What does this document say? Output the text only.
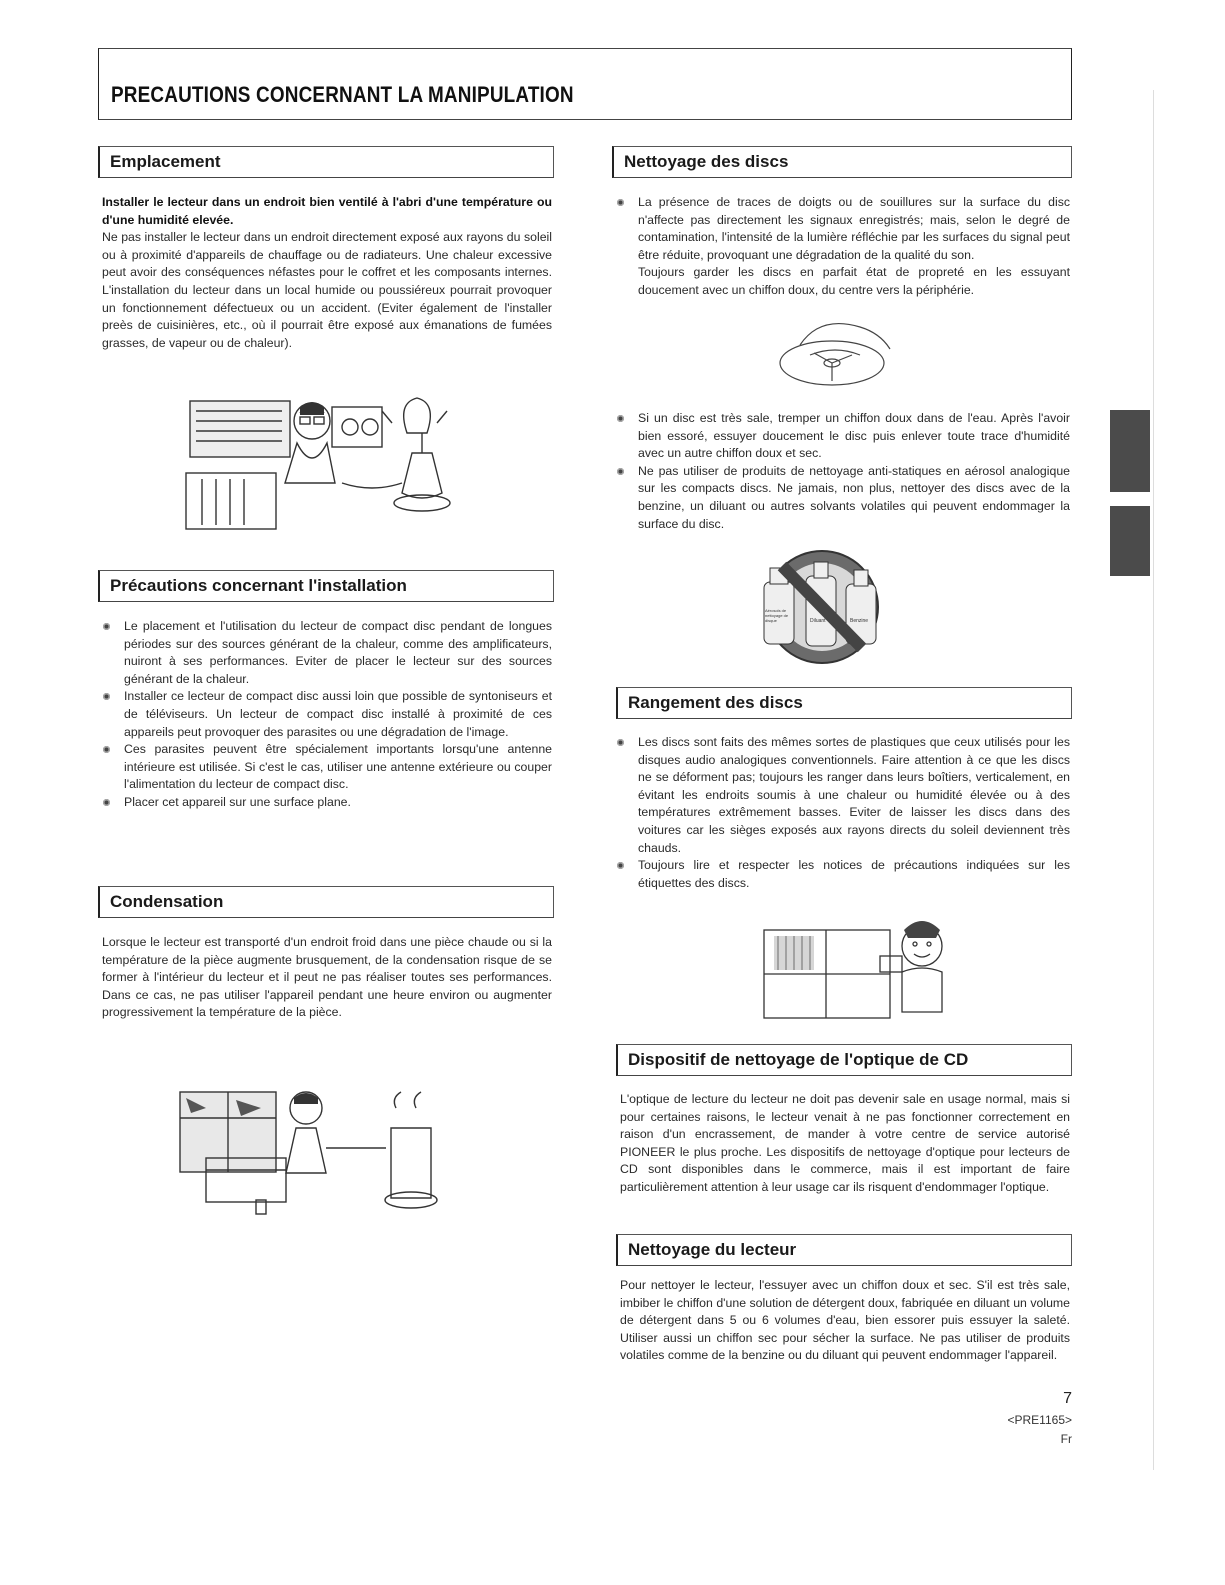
PRECAUTIONS CONCERNANT LA MANIPULATION
Emplacement

Installer le lecteur dans un endroit bien ventilé à l'abri d'une température ou d'une humidité elevée.

Ne pas installer le lecteur dans un endroit directement exposé aux rayons du soleil ou à proximité d'appareils de chauffage ou de radiateurs. Une chaleur excessive peut avoir des conséquences néfastes pour le coffret et les composants internes. L'installation du lecteur dans un local humide ou poussiéreux pourrait provoquer un fonctionnement défectueux ou un accident. (Eviter également de l'installer preès de cuisinières, etc., où il pourrait être exposé aux émanations de fumées grasses, de vapeur ou de chaleur).

Précautions concernant l'installation
Le placement et l'utilisation du lecteur de compact disc pendant de longues périodes sur des sources générant de la chaleur, comme des amplificateurs, nuiront à ses performances. Eviter de placer le lecteur sur des sources générant de la chaleur.
Installer ce lecteur de compact disc aussi loin que possible de syntoniseurs et de téléviseurs. Un lecteur de compact disc installé à proximité de ces appareils peut provoquer des parasites ou une dégradation de l'image.
Ces parasites peuvent être spécialement importants lorsqu'une antenne intérieure est utilisée. Si c'est le cas, utiliser une antenne extérieure ou couper l'alimentation du lecteur de compact disc.
Placer cet appareil sur une surface plane.
Condensation

Lorsque le lecteur est transporté d'un endroit froid dans une pièce chaude ou si la température de la pièce augmente brusquement, de la condensation risque de se former à l'intérieur du lecteur et il peut ne pas réaliser toutes ses performances. Dans ce cas, ne pas utiliser l'appareil pendant une heure environ ou augmenter progressivement la température de la pièce.

Nettoyage des discs

La présence de traces de doigts ou de souillures sur la surface du disc n'affecte pas directement les signaux enregistrés; mais, selon le degré de contamination, l'intensité de la lumière réfléchie par les surfaces du signal peut être réduite, provoquant une dégradation de la qualité du son.

Toujours garder les discs en parfait état de propreté en les essuyant doucement avec un chiffon doux, du centre vers la périphérie.

Si un disc est très sale, tremper un chiffon doux dans de l'eau. Après l'avoir bien essoré, essuyer doucement le disc puis enlever toute trace d'humidité avec un autre chiffon doux et sec.
Ne pas utiliser de produits de nettoyage anti-statiques en aérosol analogique sur les compacts discs. Ne jamais, non plus, nettoyer des discs avec de la benzine, un diluant ou autres solvants volatiles qui peuvent endommager la surface du disc.
Aérosols de nettoyage de disque	Diluant	Benzine
Rangement des discs
Les discs sont faits des mêmes sortes de plastiques que ceux utilisés pour les disques audio analogiques conventionnels. Faire attention à ce que les discs ne se déforment pas; toujours les ranger dans leurs boîtiers, verticalement, en évitant les endroits soumis à une chaleur ou humidité élevée ou à des températures extrêmement basses. Eviter de laisser les discs dans des voitures car les sièges exposés aux rayons directs du soleil deviennent très chauds.
Toujours lire et respecter les notices de précautions indiquées sur les étiquettes des discs.
Dispositif de nettoyage de l'optique de CD

L'optique de lecture du lecteur ne doit pas devenir sale en usage normal, mais si pour certaines raisons, le lecteur venait à ne pas fonctionner correctement en raison d'un encrassement, de mander à votre centre de service autorisé PIONEER le plus proche. Les dispositifs de nettoyage d'optique pour lecteurs de CD sont disponibles dans le commerce, mais il est important de faire particulièrement attention à leur usage car ils risquent d'endommager l'optique.

Nettoyage du lecteur

Pour nettoyer le lecteur, l'essuyer avec un chiffon doux et sec. S'il est très sale, imbiber le chiffon d'une solution de détergent doux, fabriquée en diluant un volume de détergent dans 5 ou 6 volumes d'eau, bien essorer puis essuyer la saleté. Utiliser aussi un chiffon sec pour sécher la surface. Ne pas utiliser de produits volatiles comme de la benzine ou du diluant qui peuvent endommager l'appareil.

7
<PRE1165>
Fr
